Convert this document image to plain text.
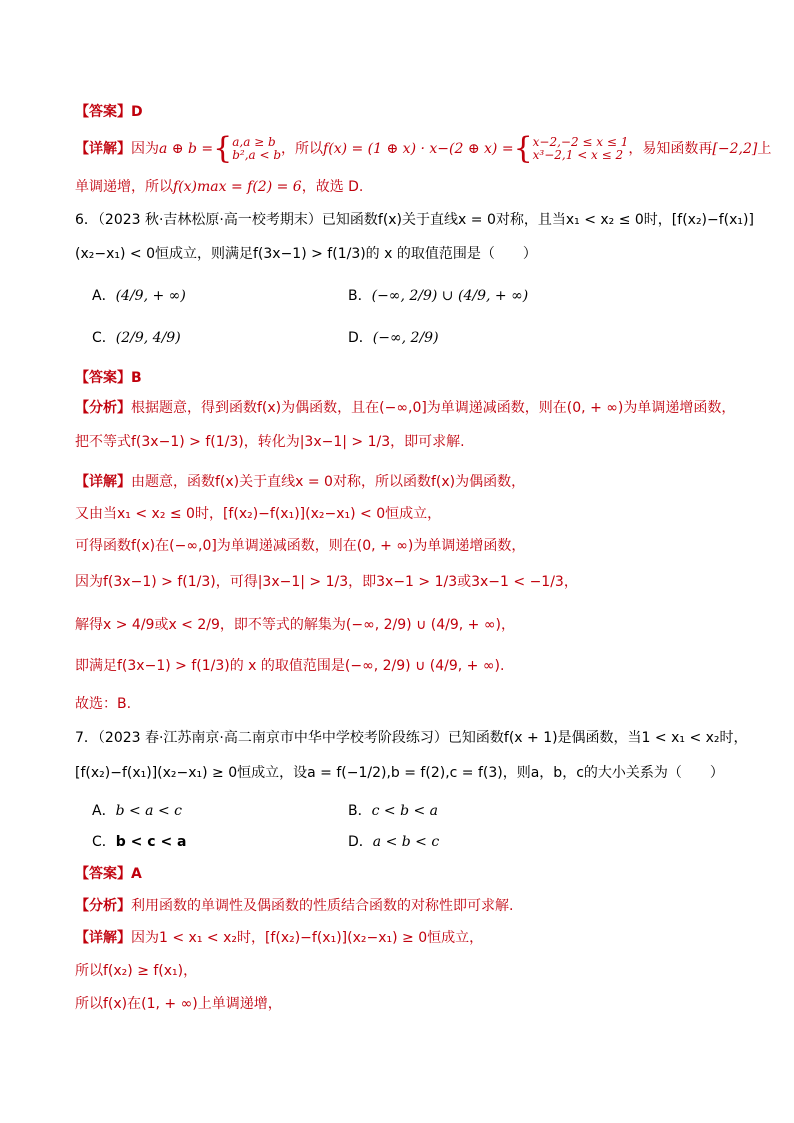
【答案】D
【详解】因为a ⊕ b ={ a,a ≥ b
b²,a < b ，所以f(x) = (1 ⊕ x) · x−(2 ⊕ x) ={ x−2,−2 ≤ x ≤ 1
x³−2,1 < x ≤ 2 ，易知函数再[−2,2]上
单调递增，所以f(x)max = f(2) = 6，故选 D.
6．（2023 秋·吉林松原·高一校考期末）已知函数f(x)关于直线x = 0对称，且当x₁ < x₂ ≤ 0时，[f(x₂)−f(x₁)]
(x₂−x₁) < 0恒成立，则满足f(3x−1) > f(1/3)的 x 的取值范围是（　　）
A．(4/9, + ∞)	B．(−∞, 2/9) ∪ (4/9, + ∞)
C．(2/9, 4/9)	D．(−∞, 2/9)
【答案】B
【分析】根据题意，得到函数f(x)为偶函数，且在(−∞,0]为单调递减函数，则在(0, + ∞)为单调递增函数，
把不等式f(3x−1) > f(1/3)，转化为|3x−1| > 1/3，即可求解.
【详解】由题意，函数f(x)关于直线x = 0对称，所以函数f(x)为偶函数，
又由当x₁ < x₂ ≤ 0时，[f(x₂)−f(x₁)](x₂−x₁) < 0恒成立，
可得函数f(x)在(−∞,0]为单调递减函数，则在(0, + ∞)为单调递增函数，
因为f(3x−1) > f(1/3)，可得|3x−1| > 1/3，即3x−1 > 1/3或3x−1 < −1/3，
解得x > 4/9或x < 2/9，即不等式的解集为(−∞, 2/9) ∪ (4/9, + ∞)，
即满足f(3x−1) > f(1/3)的 x 的取值范围是(−∞, 2/9) ∪ (4/9, + ∞).
故选：B.
7．（2023 春·江苏南京·高二南京市中华中学校考阶段练习）已知函数f(x + 1)是偶函数，当1 < x₁ < x₂时，
[f(x₂)−f(x₁)](x₂−x₁) ≥ 0恒成立，设a = f(−1/2),b = f(2),c = f(3)，则a，b，c的大小关系为（　　）
A．b < a < c	B．c < b < a
C．b < c < a	D．a < b < c
【答案】A
【分析】利用函数的单调性及偶函数的性质结合函数的对称性即可求解.
【详解】因为1 < x₁ < x₂时，[f(x₂)−f(x₁)](x₂−x₁) ≥ 0恒成立，
所以f(x₂) ≥ f(x₁)，
所以f(x)在(1, + ∞)上单调递增，
